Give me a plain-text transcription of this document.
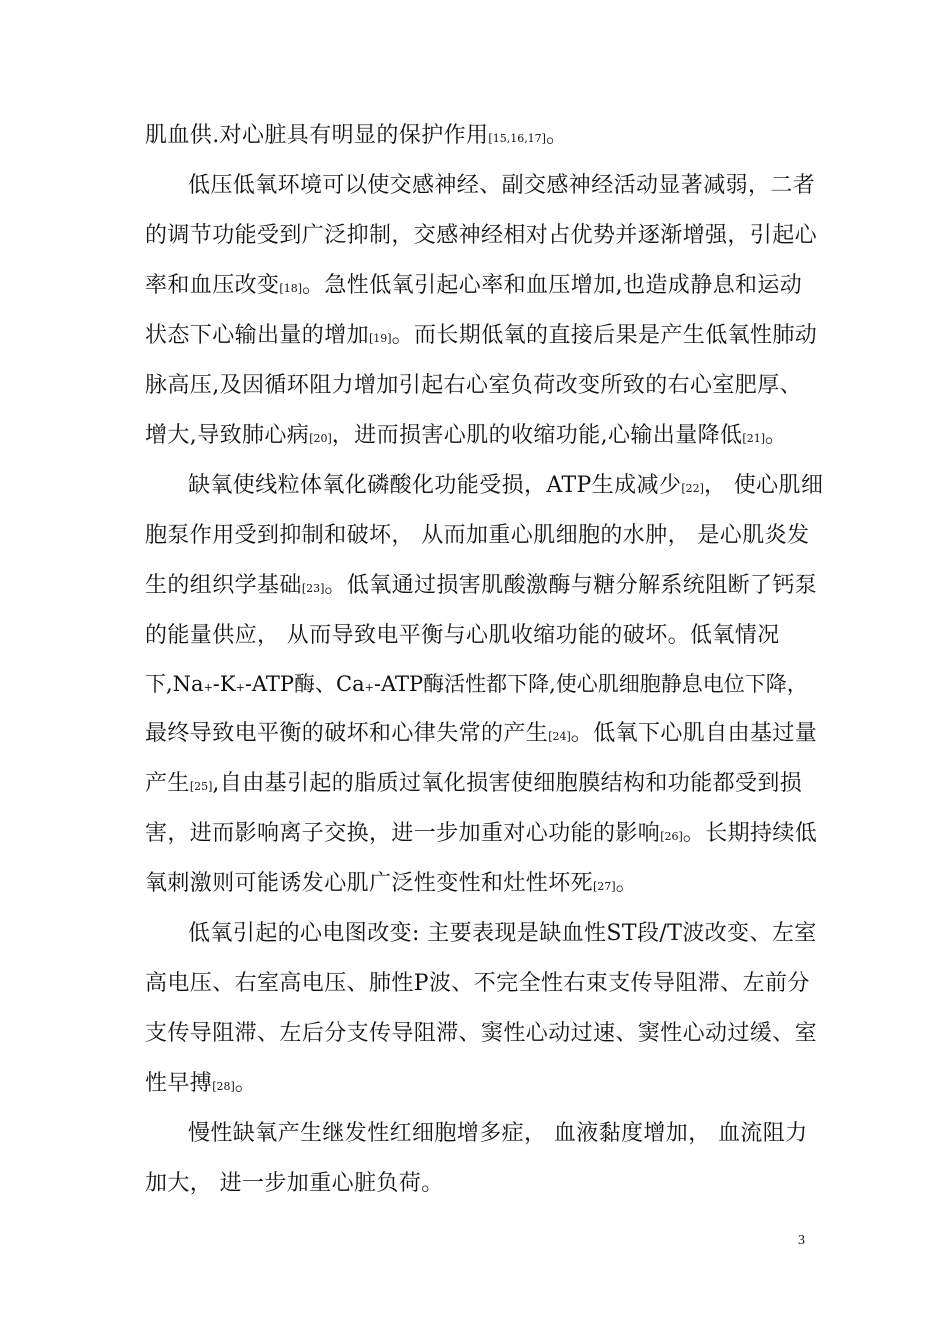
肌血供.对心脏具有明显的保护作用[15,16,17]。
低压低氧环境可以使交感神经、副交感神经活动显著减弱，二者
的调节功能受到广泛抑制，交感神经相对占优势并逐渐增强，引起心
率和血压改变[18]。急性低氧引起心率和血压增加,也造成静息和运动
状态下心输出量的增加[19]。而长期低氧的直接后果是产生低氧性肺动
脉高压,及因循环阻力增加引起右心室负荷改变所致的右心室肥厚、
增大,导致肺心病[20]，进而损害心肌的收缩功能,心输出量降低[21]。
缺氧使线粒体氧化磷酸化功能受损，ATP生成减少[22]， 使心肌细
胞泵作用受到抑制和破坏， 从而加重心肌细胞的水肿， 是心肌炎发
生的组织学基础[23]。低氧通过损害肌酸激酶与糖分解系统阻断了钙泵
的能量供应， 从而导致电平衡与心肌收缩功能的破坏。低氧情况
下,Na+-K+-ATP酶、Ca+-ATP酶活性都下降,使心肌细胞静息电位下降，
最终导致电平衡的破坏和心律失常的产生[24]。低氧下心肌自由基过量
产生[25],自由基引起的脂质过氧化损害使细胞膜结构和功能都受到损
害，进而影响离子交换，进一步加重对心功能的影响[26]。长期持续低
氧刺激则可能诱发心肌广泛性变性和灶性坏死[27]。
低氧引起的心电图改变: 主要表现是缺血性ST段/T波改变、左室
高电压、右室高电压、肺性P波、不完全性右束支传导阻滞、左前分
支传导阻滞、左后分支传导阻滞、窦性心动过速、窦性心动过缓、室
性早搏[28]。
慢性缺氧产生继发性红细胞增多症， 血液黏度增加， 血流阻力
加大， 进一步加重心脏负荷。
3
